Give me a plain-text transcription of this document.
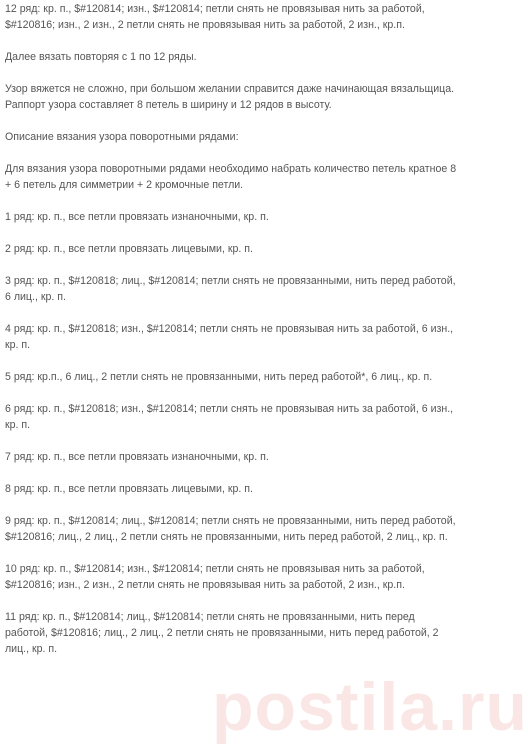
12 ряд: кр. п., $#120814; изн., $#120814; петли снять не провязывая нить за работой, $#120816; изн., 2 изн., 2 петли снять не провязывая нить за работой, 2 изн., кр.п.

Далее вязать повторяя с 1 по 12 ряды.

Узор вяжется не сложно, при большом желании справится даже начинающая вязальщица.

Раппорт узора составляет 8 петель в ширину и 12 рядов в высоту.

Описание вязания узора поворотными рядами:

Для вязания узора поворотными рядами необходимо набрать количество петель кратное 8 + 6 петель для симметрии + 2 кромочные петли.

1 ряд: кр. п., все петли провязать изнаночными, кр. п.

2 ряд: кр. п., все петли провязать лицевыми, кр. п.

3 ряд: кр. п., $#120818; лиц., $#120814; петли снять не провязанными, нить перед работой, 6 лиц., кр. п.

4 ряд: кр. п., $#120818; изн., $#120814; петли снять не провязывая нить за работой, 6 изн., кр. п.

5 ряд: кр.п., 6 лиц., 2 петли снять не провязанными, нить перед работой*, 6 лиц., кр. п.

6 ряд: кр. п., $#120818; изн., $#120814; петли снять не провязывая нить за работой, 6 изн., кр. п.

7 ряд: кр. п., все петли провязать изнаночными, кр. п.

8 ряд: кр. п., все петли провязать лицевыми, кр. п.

9 ряд: кр. п., $#120814; лиц., $#120814; петли снять не провязанными, нить перед работой, $#120816; лиц., 2 лиц., 2 петли снять не провязанными, нить перед работой, 2 лиц., кр. п.

10 ряд: кр. п., $#120814; изн., $#120814; петли снять не провязывая нить за работой, $#120816; изн., 2 изн., 2 петли снять не провязывая нить за работой, 2 изн., кр.п.

11 ряд: кр. п., $#120814; лиц., $#120814; петли снять не провязанными, нить перед работой, $#120816; лиц., 2 лиц., 2 петли снять не провязанными, нить перед работой, 2 лиц., кр. п.

postila.ru
